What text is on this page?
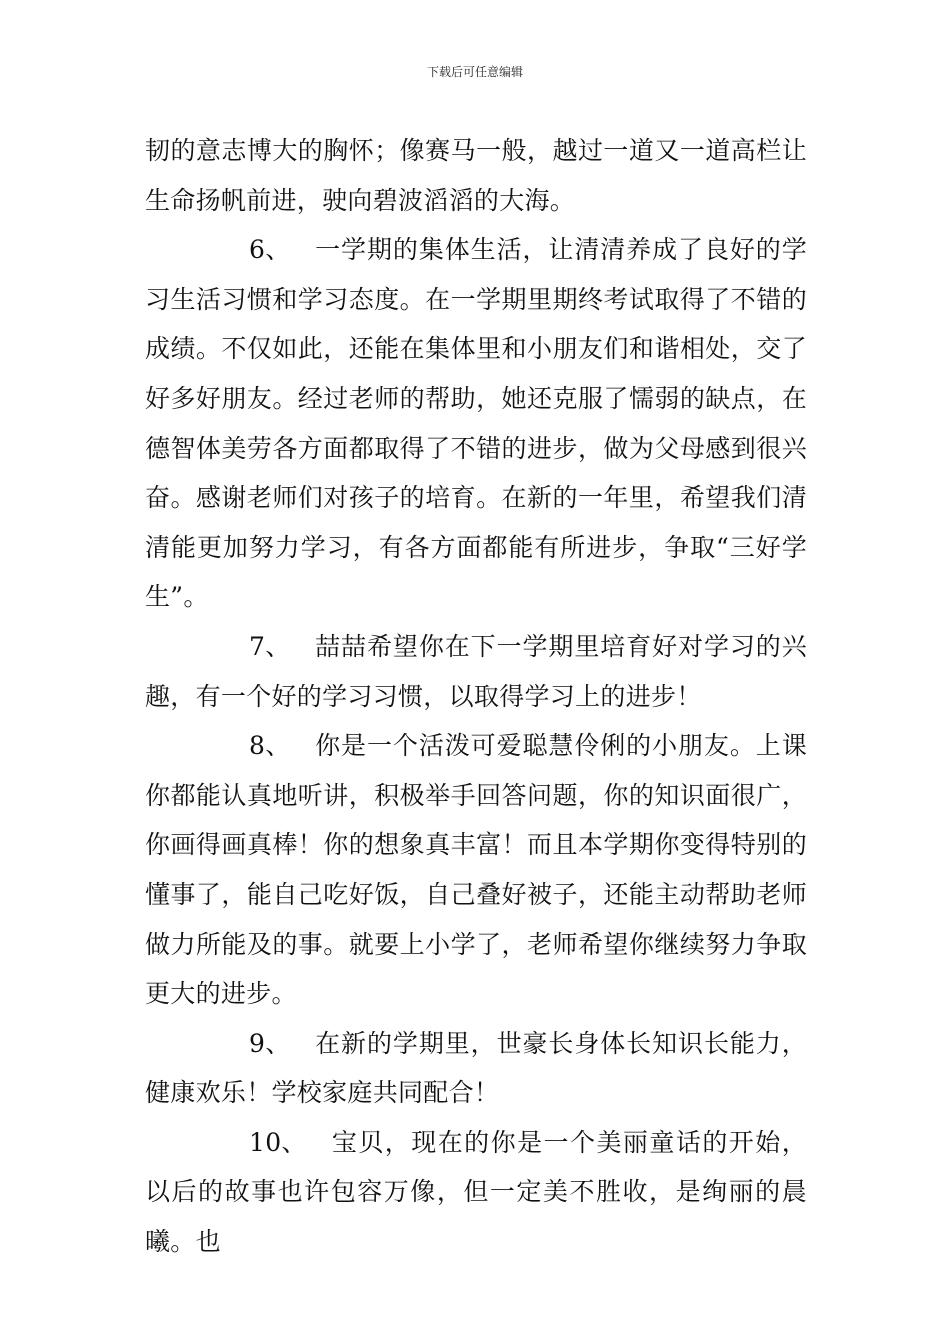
下载后可任意编辑

韧的意志博大的胸怀；像赛马一般，越过一道又一道高栏让生命扬帆前进，驶向碧波滔滔的大海。

6、 一学期的集体生活，让清清养成了良好的学习生活习惯和学习态度。在一学期里期终考试取得了不错的成绩。不仅如此，还能在集体里和小朋友们和谐相处，交了好多好朋友。经过老师的帮助，她还克服了懦弱的缺点，在德智体美劳各方面都取得了不错的进步，做为父母感到很兴奋。感谢老师们对孩子的培育。在新的一年里，希望我们清清能更加努力学习，有各方面都能有所进步，争取“三好学生”。

7、 喆喆希望你在下一学期里培育好对学习的兴趣，有一个好的学习习惯，以取得学习上的进步！

8、 你是一个活泼可爱聪慧伶俐的小朋友。上课你都能认真地听讲，积极举手回答问题，你的知识面很广，你画得画真棒！你的想象真丰富！而且本学期你变得特别的懂事了，能自己吃好饭，自己叠好被子，还能主动帮助老师做力所能及的事。就要上小学了，老师希望你继续努力争取更大的进步。

9、 在新的学期里，世豪长身体长知识长能力，健康欢乐！学校家庭共同配合！

10、 宝贝，现在的你是一个美丽童话的开始，以后的故事也许包容万像，但一定美不胜收，是绚丽的晨曦。也
